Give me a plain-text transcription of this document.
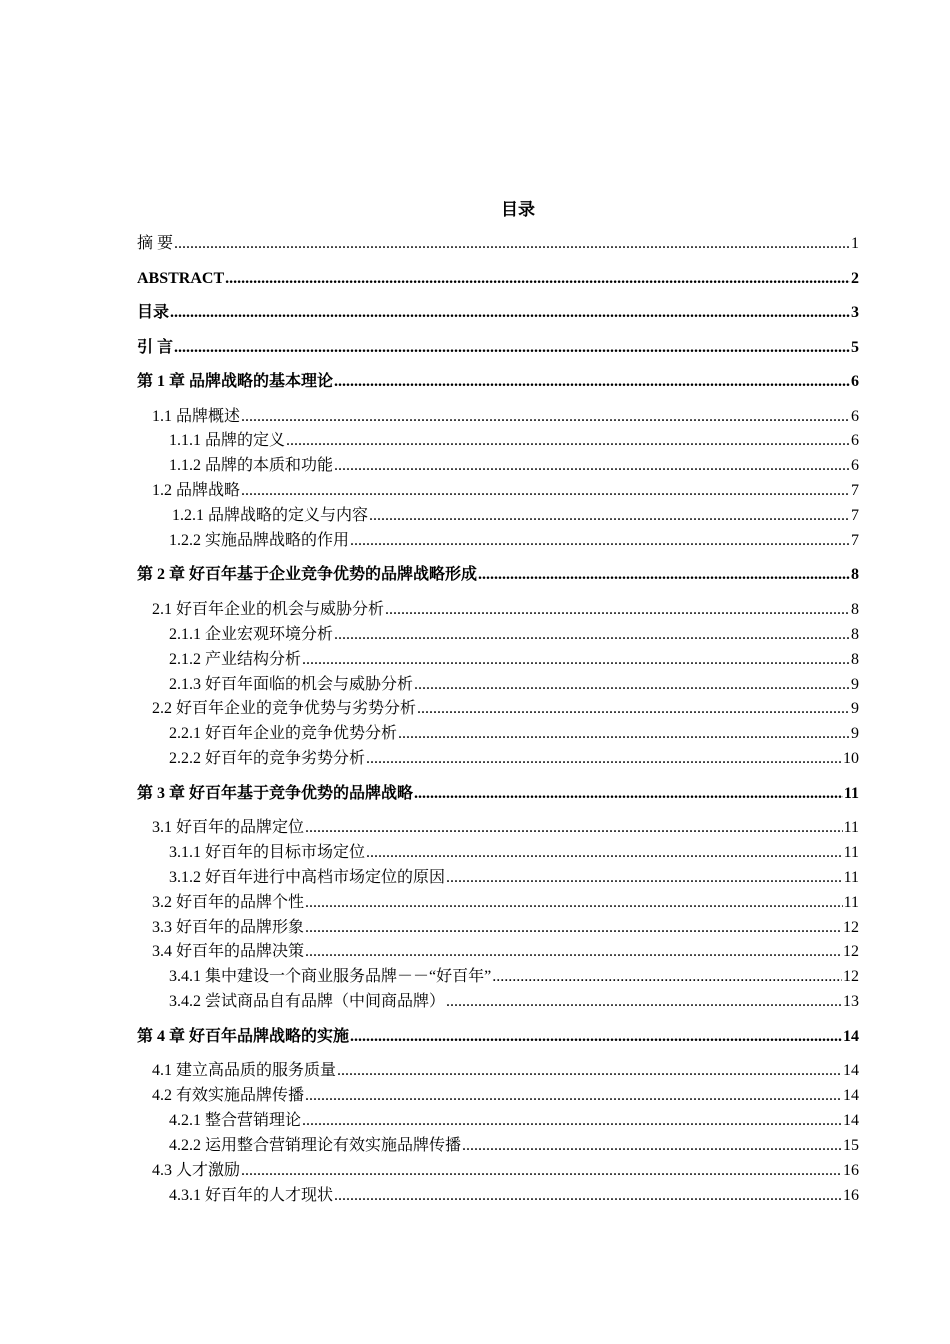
目录
摘 要 .....	1
ABSTRACT .....	2
目录 .....	3
引 言 .....	5
第 1 章 品牌战略的基本理论 .....	6
1.1 品牌概述 .....	6
1.1.1 品牌的定义 .....	6
1.1.2 品牌的本质和功能 .....	6
1.2 品牌战略 .....	7
1.2.1 品牌战略的定义与内容 .....	7
1.2.2 实施品牌战略的作用 .....	7
第 2 章 好百年基于企业竞争优势的品牌战略形成 .....	8
2.1 好百年企业的机会与威胁分析 .....	8
2.1.1 企业宏观环境分析 .....	8
2.1.2 产业结构分析 .....	8
2.1.3 好百年面临的机会与威胁分析 .....	9
2.2 好百年企业的竞争优势与劣势分析 .....	9
2.2.1 好百年企业的竞争优势分析 .....	9
2.2.2 好百年的竞争劣势分析 .....	10
第 3 章 好百年基于竞争优势的品牌战略 .....	11
3.1 好百年的品牌定位 .....	11
3.1.1 好百年的目标市场定位 .....	11
3.1.2 好百年进行中高档市场定位的原因 .....	11
3.2 好百年的品牌个性 .....	11
3.3 好百年的品牌形象 .....	12
3.4 好百年的品牌决策 .....	12
3.4.1 集中建设一个商业服务品牌－－“好百年” .....	12
3.4.2 尝试商品自有品牌（中间商品牌） .....	13
第 4 章 好百年品牌战略的实施 .....	14
4.1 建立高品质的服务质量 .....	14
4.2 有效实施品牌传播 .....	14
4.2.1 整合营销理论 .....	14
4.2.2 运用整合营销理论有效实施品牌传播 .....	15
4.3 人才激励 .....	16
4.3.1 好百年的人才现状 .....	16
